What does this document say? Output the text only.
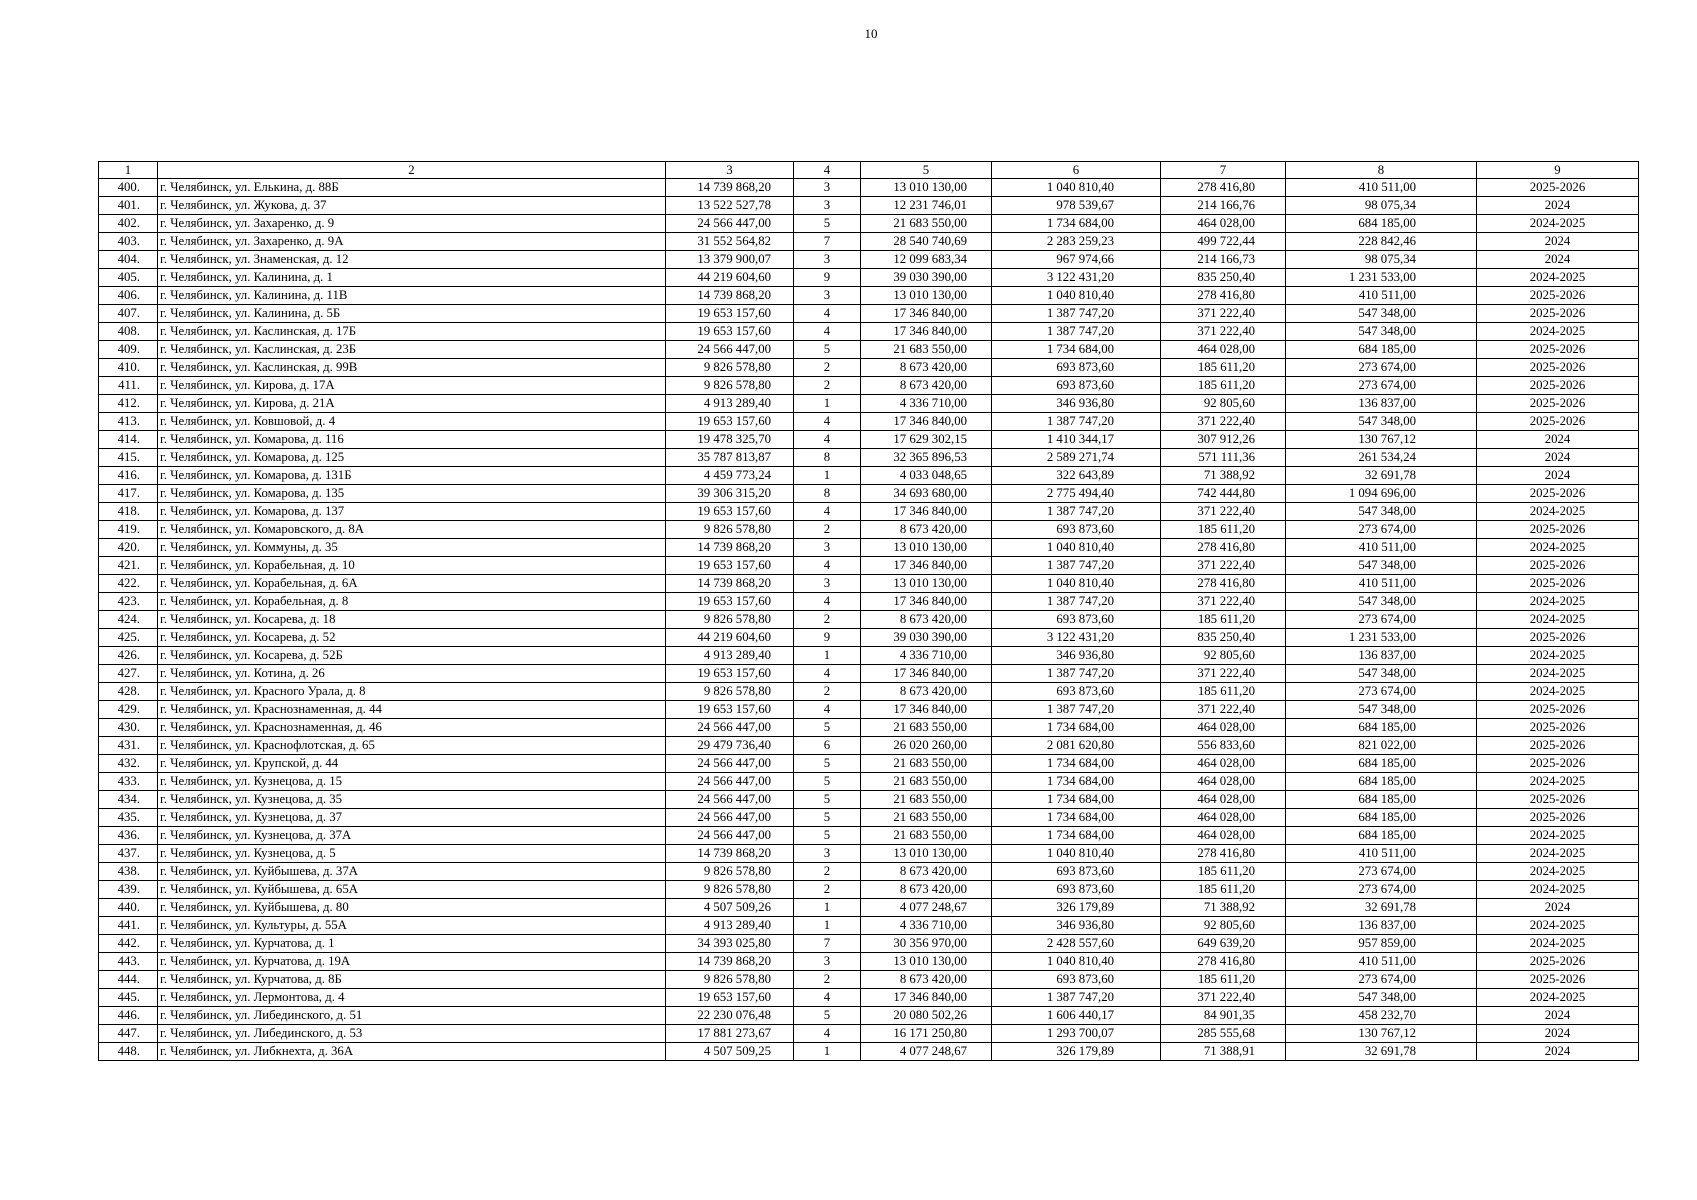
10
1	2	3	4	5	6	7	8	9
400.	г. Челябинск, ул. Елькина, д. 88Б	14 739 868,20	3	13 010 130,00	1 040 810,40	278 416,80	410 511,00	2025-2026
401.	г. Челябинск, ул. Жукова, д. 37	13 522 527,78	3	12 231 746,01	978 539,67	214 166,76	98 075,34	2024
402.	г. Челябинск, ул. Захаренко, д. 9	24 566 447,00	5	21 683 550,00	1 734 684,00	464 028,00	684 185,00	2024-2025
403.	г. Челябинск, ул. Захаренко, д. 9А	31 552 564,82	7	28 540 740,69	2 283 259,23	499 722,44	228 842,46	2024
404.	г. Челябинск, ул. Знаменская, д. 12	13 379 900,07	3	12 099 683,34	967 974,66	214 166,73	98 075,34	2024
405.	г. Челябинск, ул. Калинина, д. 1	44 219 604,60	9	39 030 390,00	3 122 431,20	835 250,40	1 231 533,00	2024-2025
406.	г. Челябинск, ул. Калинина, д. 11В	14 739 868,20	3	13 010 130,00	1 040 810,40	278 416,80	410 511,00	2025-2026
407.	г. Челябинск, ул. Калинина, д. 5Б	19 653 157,60	4	17 346 840,00	1 387 747,20	371 222,40	547 348,00	2025-2026
408.	г. Челябинск, ул. Каслинская, д. 17Б	19 653 157,60	4	17 346 840,00	1 387 747,20	371 222,40	547 348,00	2024-2025
409.	г. Челябинск, ул. Каслинская, д. 23Б	24 566 447,00	5	21 683 550,00	1 734 684,00	464 028,00	684 185,00	2025-2026
410.	г. Челябинск, ул. Каслинская, д. 99В	9 826 578,80	2	8 673 420,00	693 873,60	185 611,20	273 674,00	2025-2026
411.	г. Челябинск, ул. Кирова, д. 17А	9 826 578,80	2	8 673 420,00	693 873,60	185 611,20	273 674,00	2025-2026
412.	г. Челябинск, ул. Кирова, д. 21А	4 913 289,40	1	4 336 710,00	346 936,80	92 805,60	136 837,00	2025-2026
413.	г. Челябинск, ул. Ковшовой, д. 4	19 653 157,60	4	17 346 840,00	1 387 747,20	371 222,40	547 348,00	2025-2026
414.	г. Челябинск, ул. Комарова, д. 116	19 478 325,70	4	17 629 302,15	1 410 344,17	307 912,26	130 767,12	2024
415.	г. Челябинск, ул. Комарова, д. 125	35 787 813,87	8	32 365 896,53	2 589 271,74	571 111,36	261 534,24	2024
416.	г. Челябинск, ул. Комарова, д. 131Б	4 459 773,24	1	4 033 048,65	322 643,89	71 388,92	32 691,78	2024
417.	г. Челябинск, ул. Комарова, д. 135	39 306 315,20	8	34 693 680,00	2 775 494,40	742 444,80	1 094 696,00	2025-2026
418.	г. Челябинск, ул. Комарова, д. 137	19 653 157,60	4	17 346 840,00	1 387 747,20	371 222,40	547 348,00	2024-2025
419.	г. Челябинск, ул. Комаровского, д. 8А	9 826 578,80	2	8 673 420,00	693 873,60	185 611,20	273 674,00	2025-2026
420.	г. Челябинск, ул. Коммуны, д. 35	14 739 868,20	3	13 010 130,00	1 040 810,40	278 416,80	410 511,00	2024-2025
421.	г. Челябинск, ул. Корабельная, д. 10	19 653 157,60	4	17 346 840,00	1 387 747,20	371 222,40	547 348,00	2025-2026
422.	г. Челябинск, ул. Корабельная, д. 6А	14 739 868,20	3	13 010 130,00	1 040 810,40	278 416,80	410 511,00	2025-2026
423.	г. Челябинск, ул. Корабельная, д. 8	19 653 157,60	4	17 346 840,00	1 387 747,20	371 222,40	547 348,00	2024-2025
424.	г. Челябинск, ул. Косарева, д. 18	9 826 578,80	2	8 673 420,00	693 873,60	185 611,20	273 674,00	2024-2025
425.	г. Челябинск, ул. Косарева, д. 52	44 219 604,60	9	39 030 390,00	3 122 431,20	835 250,40	1 231 533,00	2025-2026
426.	г. Челябинск, ул. Косарева, д. 52Б	4 913 289,40	1	4 336 710,00	346 936,80	92 805,60	136 837,00	2024-2025
427.	г. Челябинск, ул. Котина, д. 26	19 653 157,60	4	17 346 840,00	1 387 747,20	371 222,40	547 348,00	2024-2025
428.	г. Челябинск, ул. Красного Урала, д. 8	9 826 578,80	2	8 673 420,00	693 873,60	185 611,20	273 674,00	2024-2025
429.	г. Челябинск, ул. Краснознаменная, д. 44	19 653 157,60	4	17 346 840,00	1 387 747,20	371 222,40	547 348,00	2025-2026
430.	г. Челябинск, ул. Краснознаменная, д. 46	24 566 447,00	5	21 683 550,00	1 734 684,00	464 028,00	684 185,00	2025-2026
431.	г. Челябинск, ул. Краснофлотская, д. 65	29 479 736,40	6	26 020 260,00	2 081 620,80	556 833,60	821 022,00	2025-2026
432.	г. Челябинск, ул. Крупской, д. 44	24 566 447,00	5	21 683 550,00	1 734 684,00	464 028,00	684 185,00	2025-2026
433.	г. Челябинск, ул. Кузнецова, д. 15	24 566 447,00	5	21 683 550,00	1 734 684,00	464 028,00	684 185,00	2024-2025
434.	г. Челябинск, ул. Кузнецова, д. 35	24 566 447,00	5	21 683 550,00	1 734 684,00	464 028,00	684 185,00	2025-2026
435.	г. Челябинск, ул. Кузнецова, д. 37	24 566 447,00	5	21 683 550,00	1 734 684,00	464 028,00	684 185,00	2025-2026
436.	г. Челябинск, ул. Кузнецова, д. 37А	24 566 447,00	5	21 683 550,00	1 734 684,00	464 028,00	684 185,00	2024-2025
437.	г. Челябинск, ул. Кузнецова, д. 5	14 739 868,20	3	13 010 130,00	1 040 810,40	278 416,80	410 511,00	2024-2025
438.	г. Челябинск, ул. Куйбышева, д. 37А	9 826 578,80	2	8 673 420,00	693 873,60	185 611,20	273 674,00	2024-2025
439.	г. Челябинск, ул. Куйбышева, д. 65А	9 826 578,80	2	8 673 420,00	693 873,60	185 611,20	273 674,00	2024-2025
440.	г. Челябинск, ул. Куйбышева, д. 80	4 507 509,26	1	4 077 248,67	326 179,89	71 388,92	32 691,78	2024
441.	г. Челябинск, ул. Культуры, д. 55А	4 913 289,40	1	4 336 710,00	346 936,80	92 805,60	136 837,00	2024-2025
442.	г. Челябинск, ул. Курчатова, д. 1	34 393 025,80	7	30 356 970,00	2 428 557,60	649 639,20	957 859,00	2024-2025
443.	г. Челябинск, ул. Курчатова, д. 19А	14 739 868,20	3	13 010 130,00	1 040 810,40	278 416,80	410 511,00	2025-2026
444.	г. Челябинск, ул. Курчатова, д. 8Б	9 826 578,80	2	8 673 420,00	693 873,60	185 611,20	273 674,00	2025-2026
445.	г. Челябинск, ул. Лермонтова, д. 4	19 653 157,60	4	17 346 840,00	1 387 747,20	371 222,40	547 348,00	2024-2025
446.	г. Челябинск, ул. Либединского, д. 51	22 230 076,48	5	20 080 502,26	1 606 440,17	84 901,35	458 232,70	2024
447.	г. Челябинск, ул. Либединского, д. 53	17 881 273,67	4	16 171 250,80	1 293 700,07	285 555,68	130 767,12	2024
448.	г. Челябинск, ул. Либкнехта, д. 36А	4 507 509,25	1	4 077 248,67	326 179,89	71 388,91	32 691,78	2024
